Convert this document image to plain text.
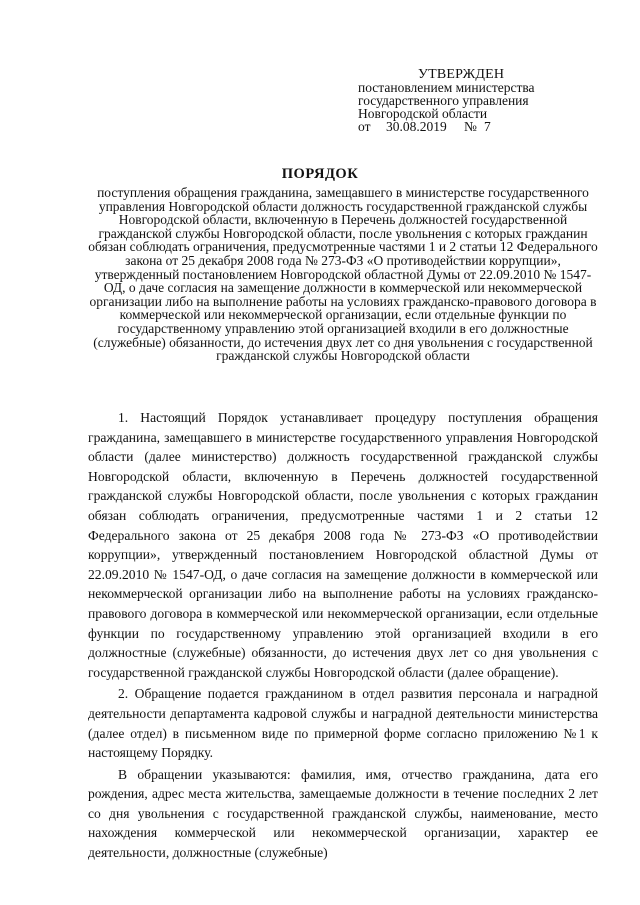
УТВЕРЖДЕН
постановлением министерства
государственного управления
Новгородской области
от 30.08.2019 № 7
ПОРЯДОК
поступления обращения гражданина, замещавшего в министерстве государственного управления Новгородской области должность государственной гражданской службы Новгородской области, включенную в Перечень должностей государственной гражданской службы Новгородской области, после увольнения с которых гражданин обязан соблюдать ограничения, предусмотренные частями 1 и 2 статьи 12 Федерального закона от 25 декабря 2008 года № 273-ФЗ «О противодействии коррупции», утвержденный постановлением Новгородской областной Думы от 22.09.2010 № 1547-ОД, о даче согласия на замещение должности в коммерческой или некоммерческой организации либо на выполнение работы на условиях гражданско-правового договора в коммерческой или некоммерческой организации, если отдельные функции по государственному управлению этой организацией входили в его должностные (служебные) обязанности, до истечения двух лет со дня увольнения с государственной гражданской службы Новгородской области

1. Настоящий Порядок устанавливает процедуру поступления обращения гражданина, замещавшего в министерстве государственного управления Новгородской области (далее министерство) должность государственной гражданской службы Новгородской области, включенную в Перечень должностей государственной гражданской службы Новгородской области, после увольнения с которых гражданин обязан соблюдать ограничения, предусмотренные частями 1 и 2 статьи 12 Федерального закона от 25 декабря 2008 года № 273-ФЗ «О противодействии коррупции», утвержденный постановлением Новгородской областной Думы от 22.09.2010 № 1547-ОД, о даче согласия на замещение должности в коммерческой или некоммерческой организации либо на выполнение работы на условиях гражданско-правового договора в коммерческой или некоммерческой организации, если отдельные функции по государственному управлению этой организацией входили в его должностные (служебные) обязанности, до истечения двух лет со дня увольнения с государственной гражданской службы Новгородской области (далее обращение).

2. Обращение подается гражданином в отдел развития персонала и наградной деятельности департамента кадровой службы и наградной деятельности министерства (далее отдел) в письменном виде по примерной форме согласно приложению №1 к настоящему Порядку.

В обращении указываются: фамилия, имя, отчество гражданина, дата его рождения, адрес места жительства, замещаемые должности в течение последних 2 лет со дня увольнения с государственной гражданской службы, наименование, место нахождения коммерческой или некоммерческой организации, характер ее деятельности, должностные (служебные)
